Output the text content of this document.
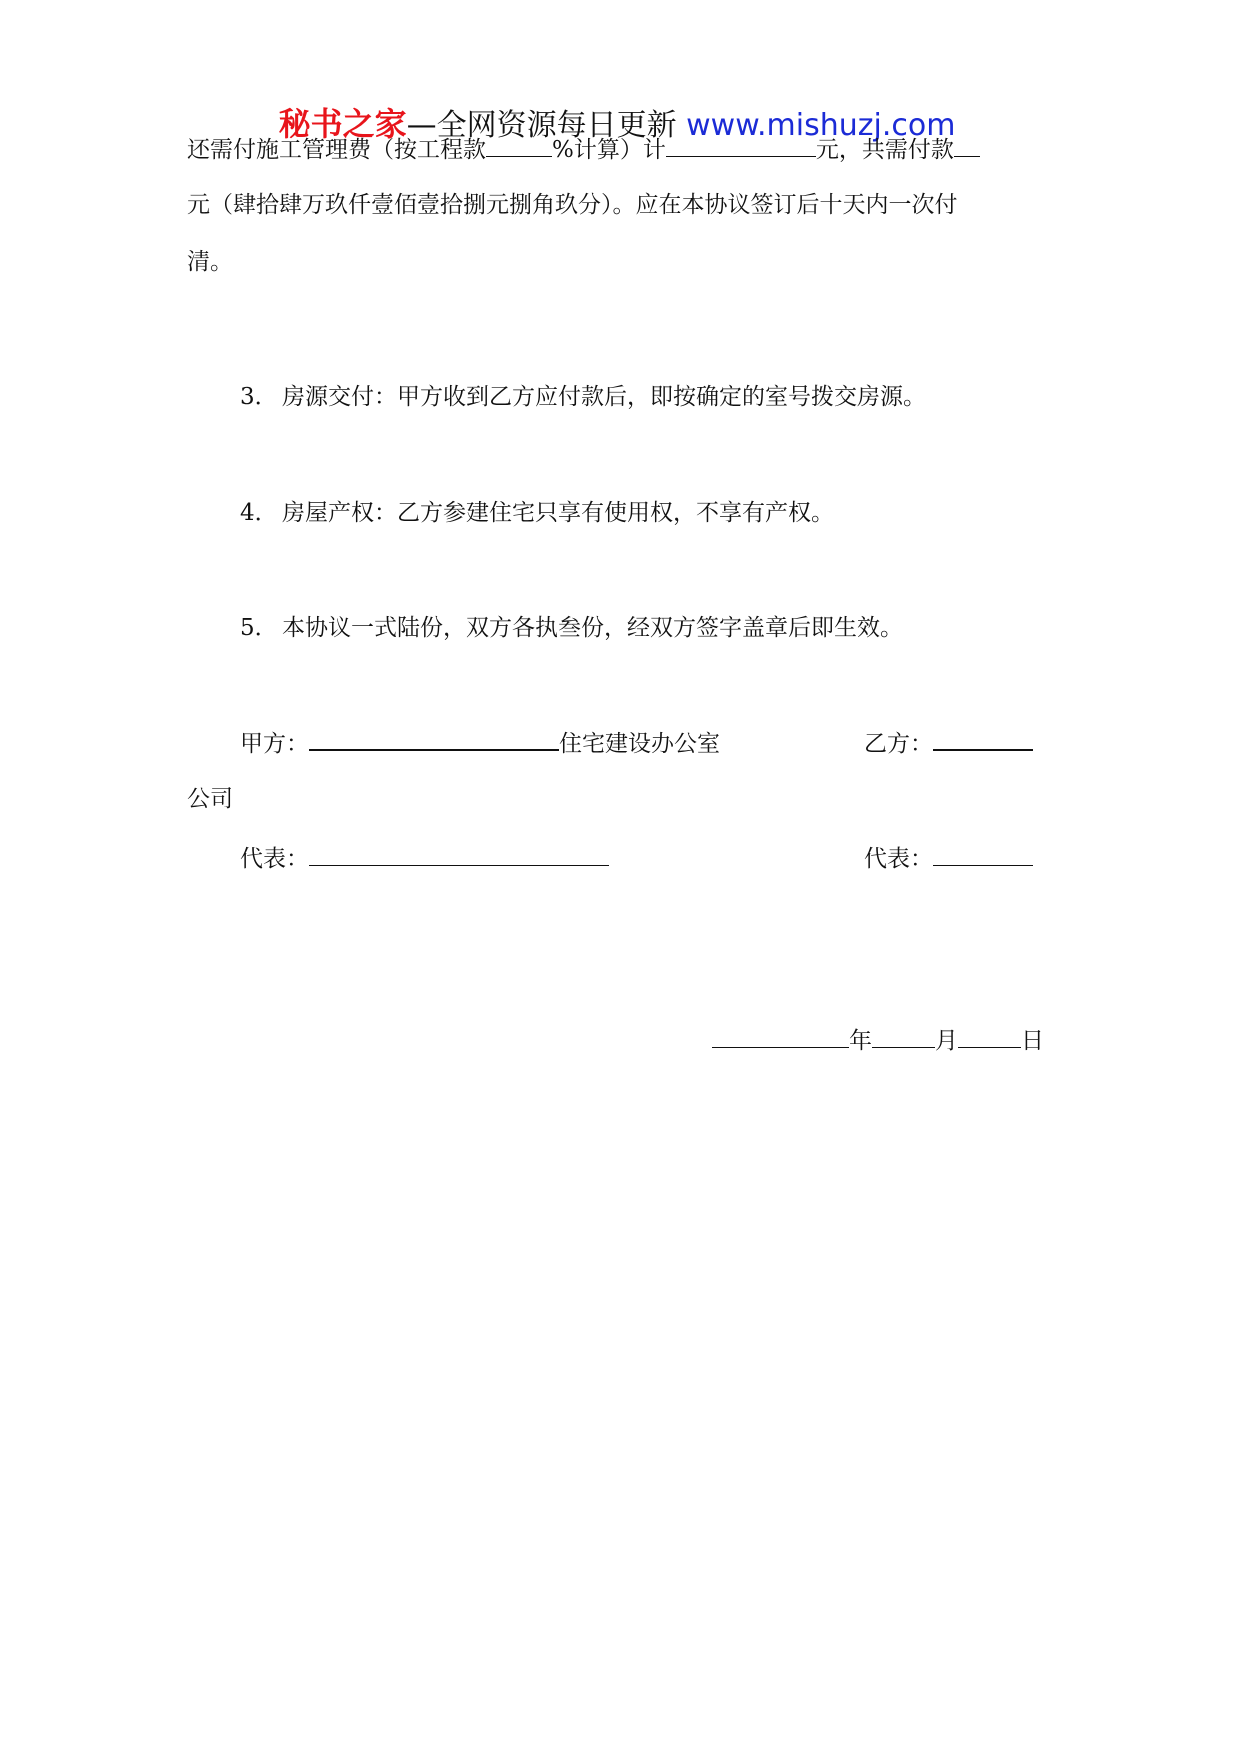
秘书之家—全网资源每日更新 www.mishuzj.com
还需付施工管理费（按工程款	%计算）计	元，共需付款
元（肆拾肆万玖仟壹佰壹拾捌元捌角玖分）。应在本协议签订后十天内一次付
清。
3． 房源交付：甲方收到乙方应付款后，即按确定的室号拨交房源。
4． 房屋产权：乙方参建住宅只享有使用权，不享有产权。
5． 本协议一式陆份，双方各执叁份，经双方签字盖章后即生效。
甲方：	住宅建设办公室	乙方：
公司
代表：	代表：
年	月	日
